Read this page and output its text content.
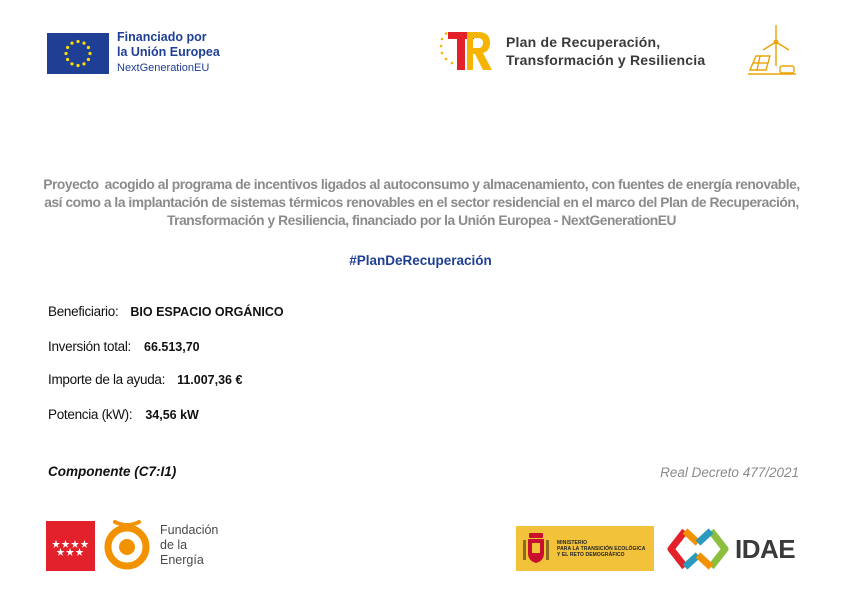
Financiado por
la Unión Europea
NextGenerationEU
Plan de Recuperación,
Transformación y Resiliencia
Proyecto acogido al programa de incentivos ligados al autoconsumo y almacenamiento, con fuentes de energía renovable, así como a la implantación de sistemas térmicos renovables en el sector residencial en el marco del Plan de Recuperación, Transformación y Resiliencia, financiado por la Unión Europea - NextGenerationEU
#PlanDeRecuperación
Beneficiario: BIO ESPACIO ORGÁNICO
Inversión total: 66.513,70
Importe de la ayuda: 11.007,36 €
Potencia (kW): 34,56 kW
Componente (C7:I1)	Real Decreto 477/2021
Fundación
de la
Energía
MINISTERIO
PARA LA TRANSICIÓN ECOLÓGICA
Y EL RETO DEMOGRÁFICO	IDAE
